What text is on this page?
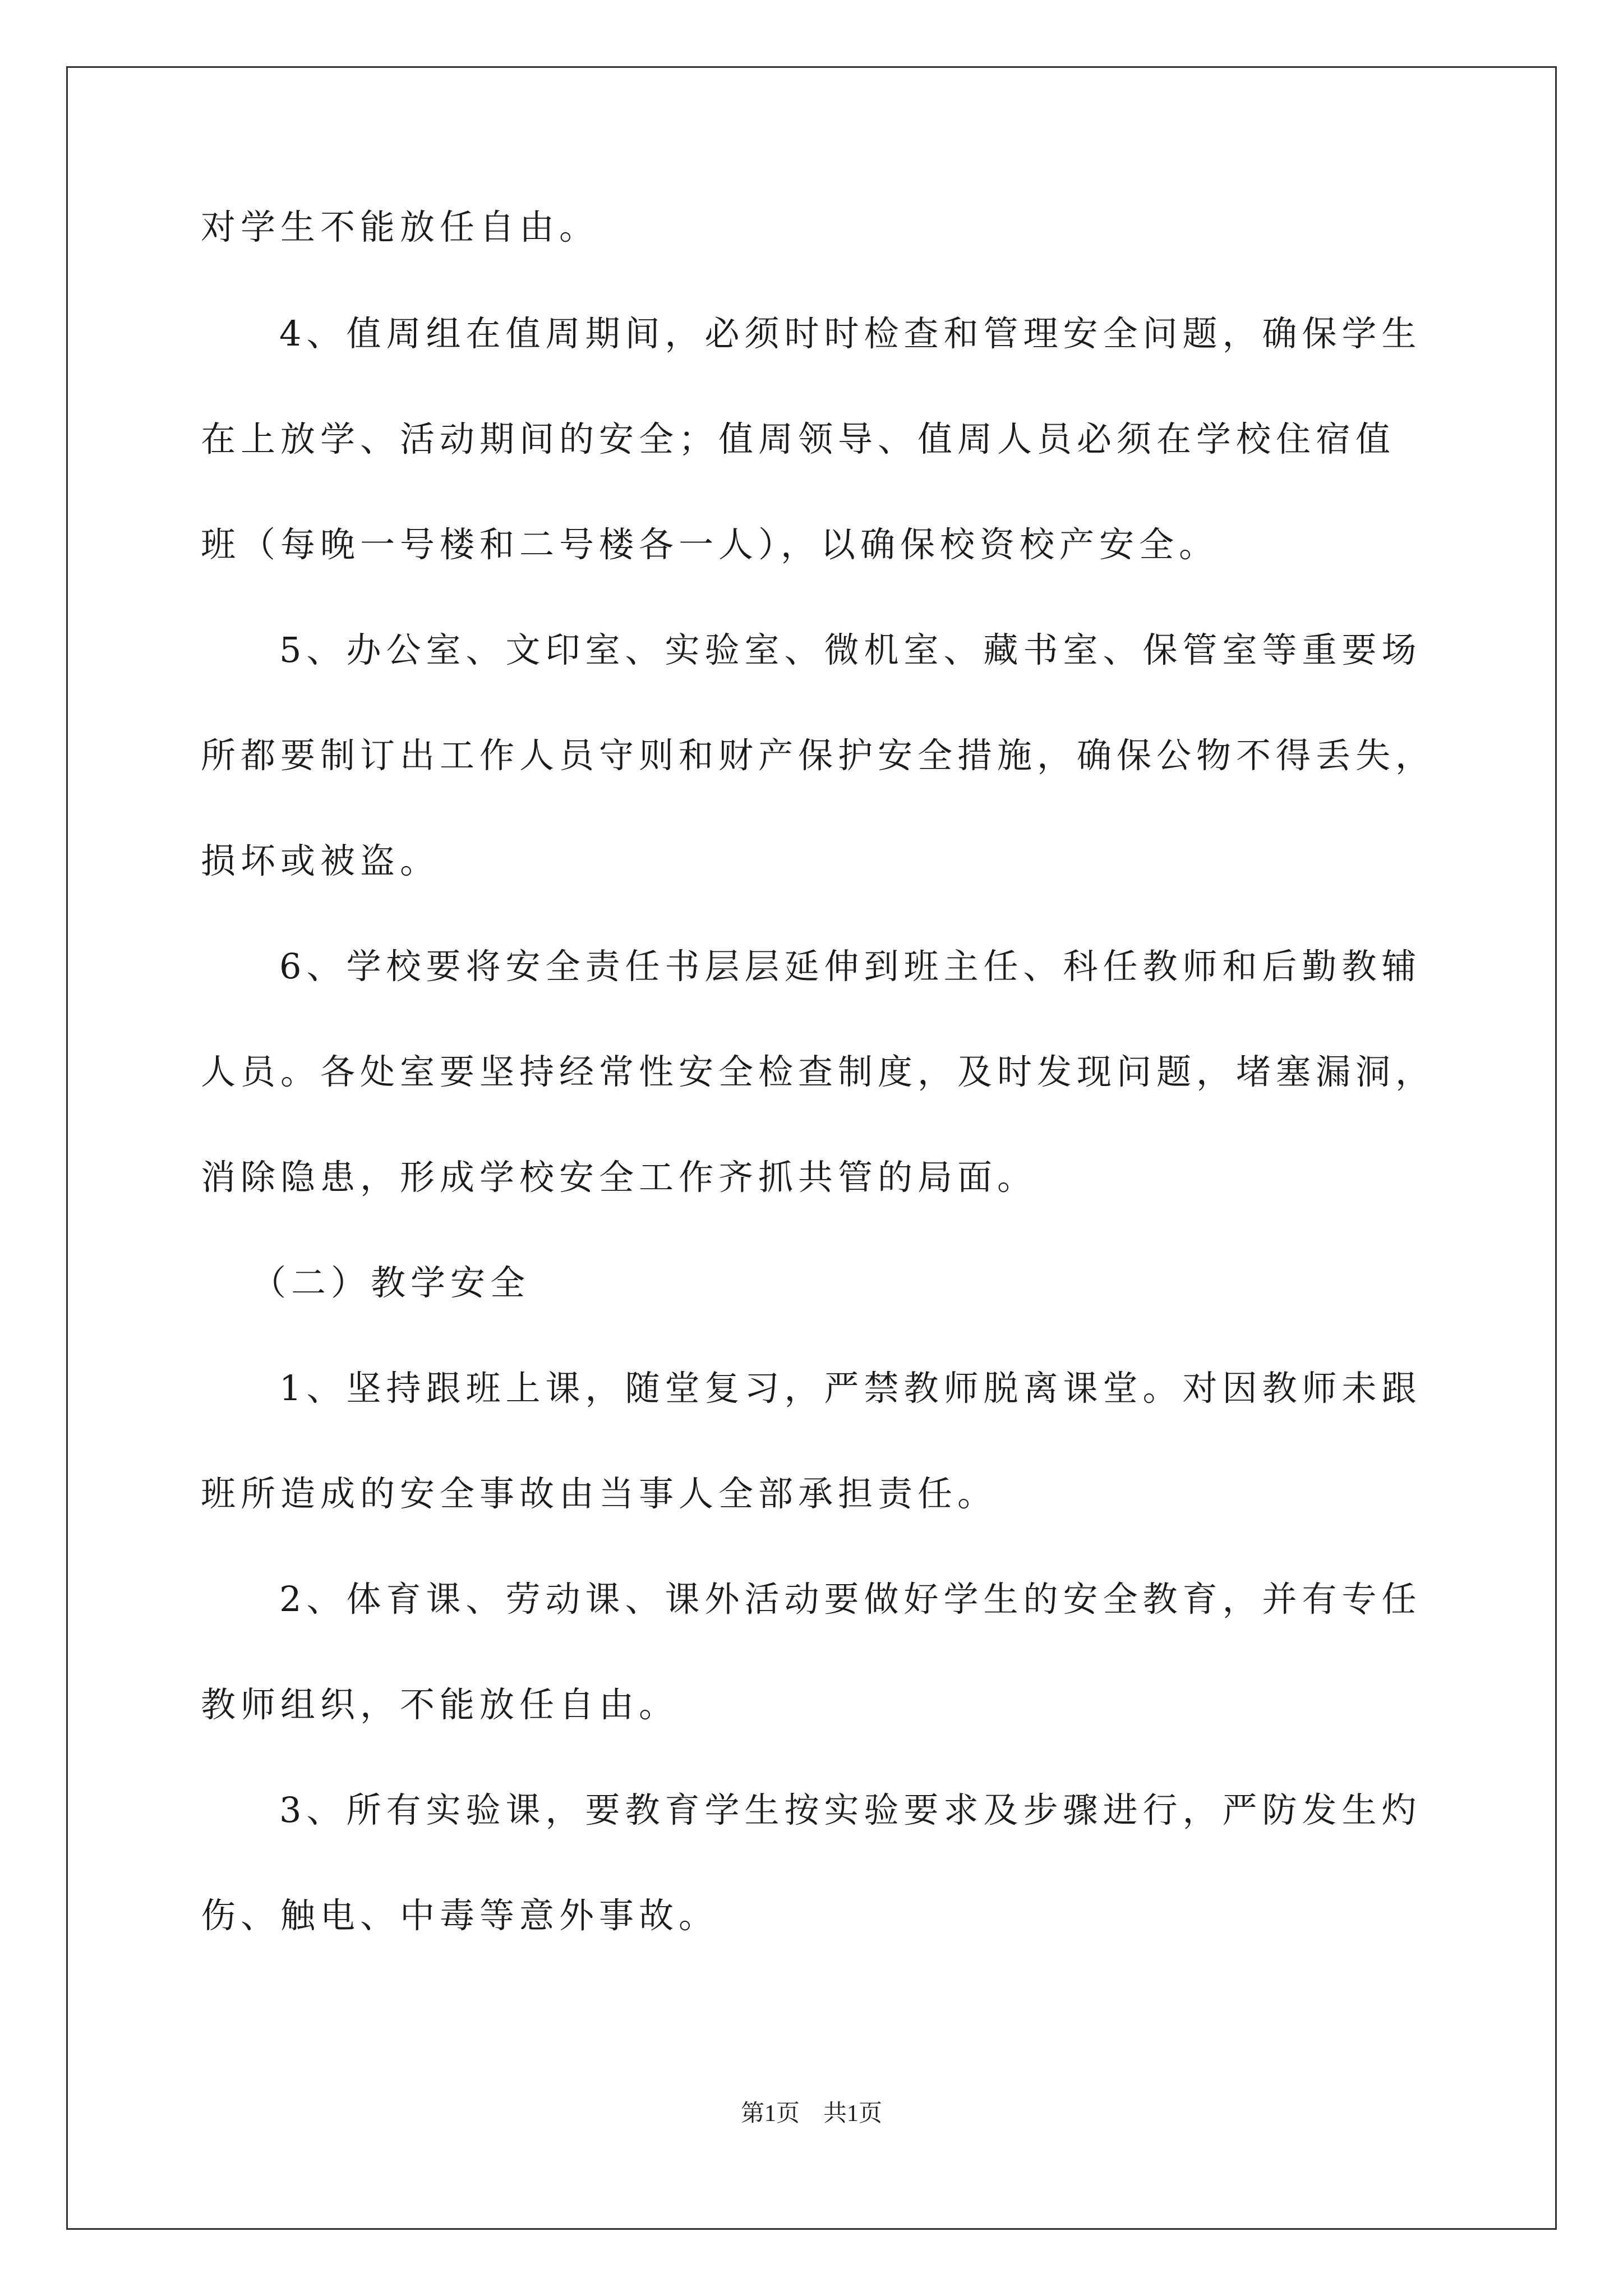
对学生不能放任自由。
4、值周组在值周期间，必须时时检查和管理安全问题，确保学生
在上放学、活动期间的安全；值周领导、值周人员必须在学校住宿值
班（每晚一号楼和二号楼各一人），以确保校资校产安全。
5、办公室、文印室、实验室、微机室、藏书室、保管室等重要场
所都要制订出工作人员守则和财产保护安全措施，确保公物不得丢失，
损坏或被盗。
6、学校要将安全责任书层层延伸到班主任、科任教师和后勤教辅
人员。各处室要坚持经常性安全检查制度，及时发现问题，堵塞漏洞，
消除隐患，形成学校安全工作齐抓共管的局面。
（二）教学安全
1、坚持跟班上课，随堂复习，严禁教师脱离课堂。对因教师未跟
班所造成的安全事故由当事人全部承担责任。
2、体育课、劳动课、课外活动要做好学生的安全教育，并有专任
教师组织，不能放任自由。
3、所有实验课，要教育学生按实验要求及步骤进行，严防发生灼
伤、触电、中毒等意外事故。
第1页　共1页
